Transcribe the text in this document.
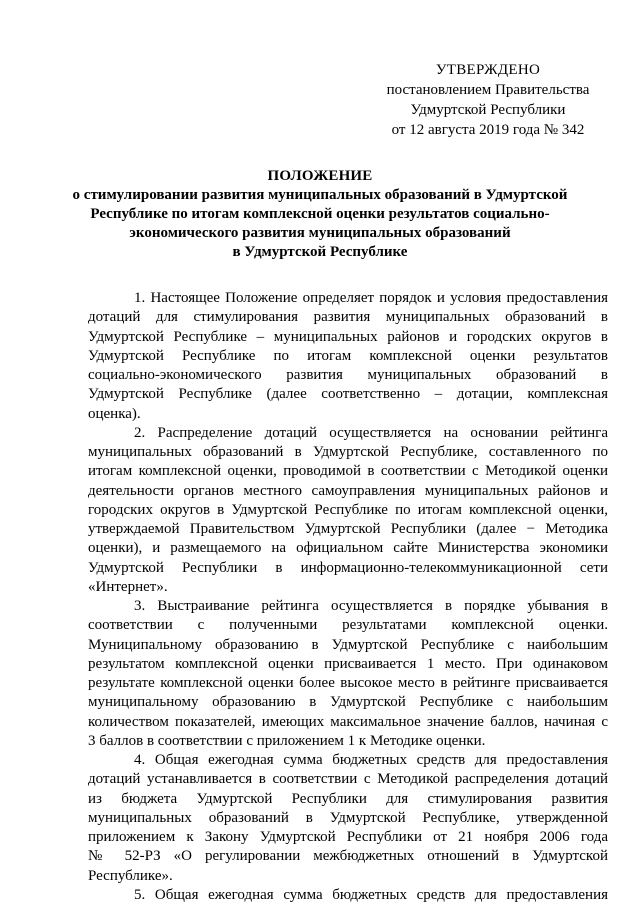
УТВЕРЖДЕНО
постановлением Правительства
Удмуртской Республики
от 12 августа 2019 года № 342
ПОЛОЖЕНИЕ
о стимулировании развития муниципальных образований в Удмуртской
Республике по итогам комплексной оценки результатов социально-
экономического развития муниципальных образований
в Удмуртской Республике
1. Настоящее Положение определяет порядок и условия предоставления
дотаций для стимулирования развития муниципальных образований в
Удмуртской Республике – муниципальных районов и городских округов в
Удмуртской Республике по итогам комплексной оценки результатов
социально-экономического развития муниципальных образований в
Удмуртской Республике (далее соответственно – дотации, комплексная
оценка).
2. Распределение дотаций осуществляется на основании рейтинга
муниципальных образований в Удмуртской Республике, составленного по
итогам комплексной оценки, проводимой в соответствии с Методикой оценки
деятельности органов местного самоуправления муниципальных районов и
городских округов в Удмуртской Республике по итогам комплексной оценки,
утверждаемой Правительством Удмуртской Республики (далее − Методика
оценки), и размещаемого на официальном сайте Министерства экономики
Удмуртской Республики в информационно-телекоммуникационной сети
«Интернет».
3. Выстраивание рейтинга осуществляется в порядке убывания в
соответствии с полученными результатами комплексной оценки.
Муниципальному образованию в Удмуртской Республике с наибольшим
результатом комплексной оценки присваивается 1 место. При одинаковом
результате комплексной оценки более высокое место в рейтинге присваивается
муниципальному образованию в Удмуртской Республике с наибольшим
количеством показателей, имеющих максимальное значение баллов, начиная с
3 баллов в соответствии с приложением 1 к Методике оценки.
4. Общая ежегодная сумма бюджетных средств для предоставления
дотаций устанавливается в соответствии с Методикой распределения дотаций
из бюджета Удмуртской Республики для стимулирования развития
муниципальных образований в Удмуртской Республике, утвержденной
приложением к Закону Удмуртской Республики от 21 ноября 2006 года
№ 52-РЗ «О регулировании межбюджетных отношений в Удмуртской
Республике».
5. Общая ежегодная сумма бюджетных средств для предоставления
